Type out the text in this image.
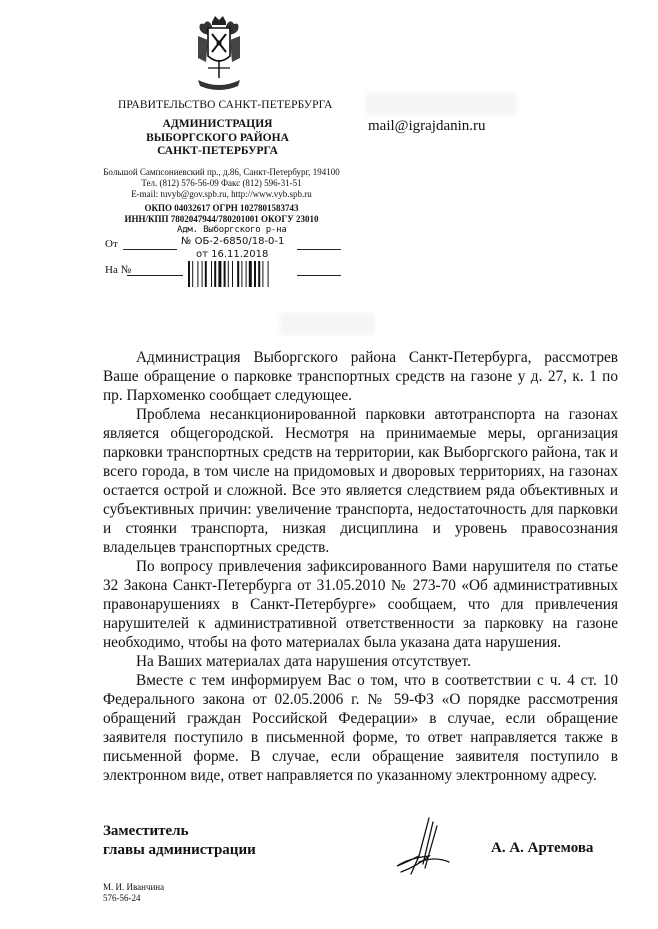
ПРАВИТЕЛЬСТВО САНКТ-ПЕТЕРБУРГА
АДМИНИСТРАЦИЯ
ВЫБОРГСКОГО РАЙОНА
САНКТ-ПЕТЕРБУРГА
Большой Сампсониевский пр., д.86, Санкт-Петербург, 194100
Тел. (812) 576-56-09 Факс (812) 596-31-51
E-mail: tuvyb@gov.spb.ru, http://www.vyb.spb.ru
ОКПО 04032617 ОГРН 1027801583743
ИНН/КПП 7802047944/780201001 ОКОГУ 23010
Адм. Выборгского р-на
№ ОБ-2-6850/18-0-1
от 16.11.2018
От
На №
mail@igrajdanin.ru

Администрация Выборгского района Санкт-Петербурга, рассмотрев Ваше обращение о парковке транспортных средств на газоне у д. 27, к. 1 по пр. Пархоменко сообщает следующее.

Проблема несанкционированной парковки автотранспорта на газонах является общегородской. Несмотря на принимаемые меры, организация парковки транспортных средств на территории, как Выборгского района, так и всего города, в том числе на придомовых и дворовых территориях, на газонах остается острой и сложной. Все это является следствием ряда объективных и субъективных причин: увеличение транспорта, недостаточность для парковки и стоянки транспорта, низкая дисциплина и уровень правосознания владельцев транспортных средств.

По вопросу привлечения зафиксированного Вами нарушителя по статье 32 Закона Санкт-Петербурга от 31.05.2010 № 273-70 «Об административных правонарушениях в Санкт-Петербурге» сообщаем, что для привлечения нарушителей к административной ответственности за парковку на газоне необходимо, чтобы на фото материалах была указана дата нарушения.

На Ваших материалах дата нарушения отсутствует.

Вместе с тем информируем Вас о том, что в соответствии с ч. 4 ст. 10 Федерального закона от 02.05.2006 г. № 59-ФЗ «О порядке рассмотрения обращений граждан Российской Федерации» в случае, если обращение заявителя поступило в письменной форме, то ответ направляется также в письменной форме. В случае, если обращение заявителя поступило в электронном виде, ответ направляется по указанному электронному адресу.

Заместитель
главы администрации	А. А. Артемова
М. И. Иванчина
576-56-24
